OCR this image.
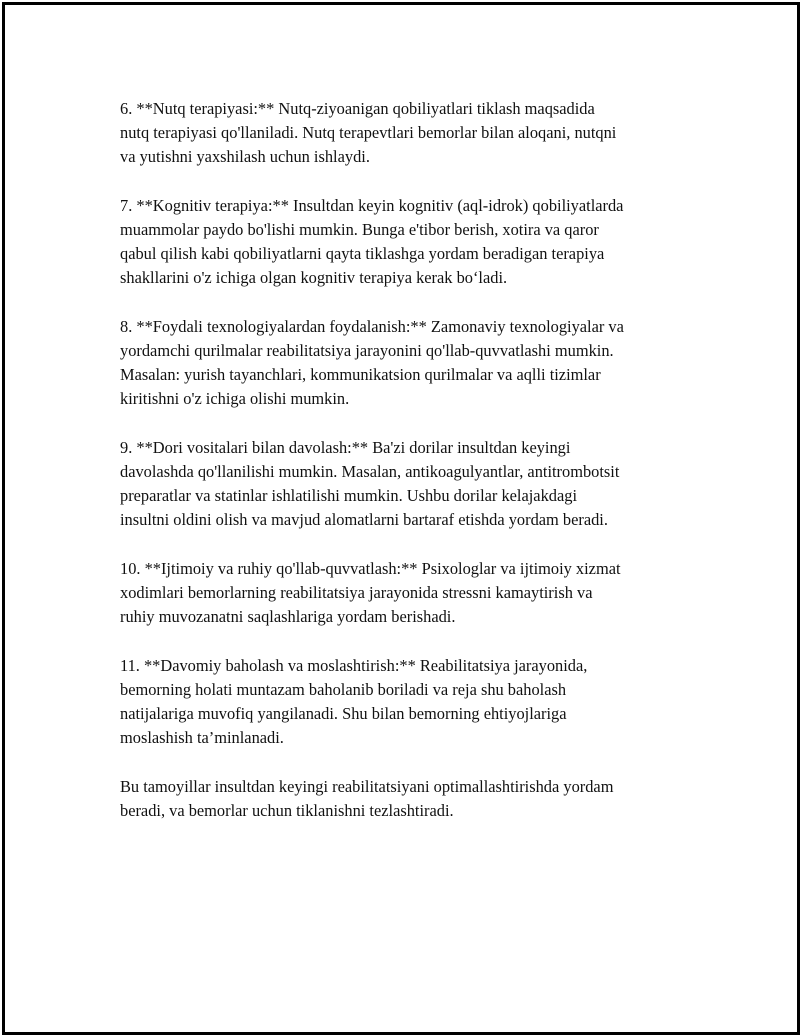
6. **Nutq terapiyasi:** Nutq-ziyoanigan qobiliyatlari tiklash maqsadida
nutq terapiyasi qo'llaniladi. Nutq terapevtlari bemorlar bilan aloqani, nutqni
va yutishni yaxshilash uchun ishlaydi.

7. **Kognitiv terapiya:** Insultdan keyin kognitiv (aql-idrok) qobiliyatlarda
muammolar paydo bo'lishi mumkin. Bunga e'tibor berish, xotira va qaror
qabul qilish kabi qobiliyatlarni qayta tiklashga yordam beradigan terapiya
shakllarini o'z ichiga olgan kognitiv terapiya kerak bo‘ladi.

8. **Foydali texnologiyalardan foydalanish:** Zamonaviy texnologiyalar va
yordamchi qurilmalar reabilitatsiya jarayonini qo'llab-quvvatlashi mumkin.
Masalan: yurish tayanchlari, kommunikatsion qurilmalar va aqlli tizimlar
kiritishni o'z ichiga olishi mumkin.

9. **Dori vositalari bilan davolash:** Ba'zi dorilar insultdan keyingi
davolashda qo'llanilishi mumkin. Masalan, antikoagulyantlar, antitrombotsit
preparatlar va statinlar ishlatilishi mumkin. Ushbu dorilar kelajakdagi
insultni oldini olish va mavjud alomatlarni bartaraf etishda yordam beradi.

10. **Ijtimoiy va ruhiy qo'llab-quvvatlash:** Psixologlar va ijtimoiy xizmat
xodimlari bemorlarning reabilitatsiya jarayonida stressni kamaytirish va
ruhiy muvozanatni saqlashlariga yordam berishadi.

11. **Davomiy baholash va moslashtirish:** Reabilitatsiya jarayonida,
bemorning holati muntazam baholanib boriladi va reja shu baholash
natijalariga muvofiq yangilanadi. Shu bilan bemorning ehtiyojlariga
moslashish ta’minlanadi.

Bu tamoyillar insultdan keyingi reabilitatsiyani optimallashtirishda yordam
beradi, va bemorlar uchun tiklanishni tezlashtiradi.
